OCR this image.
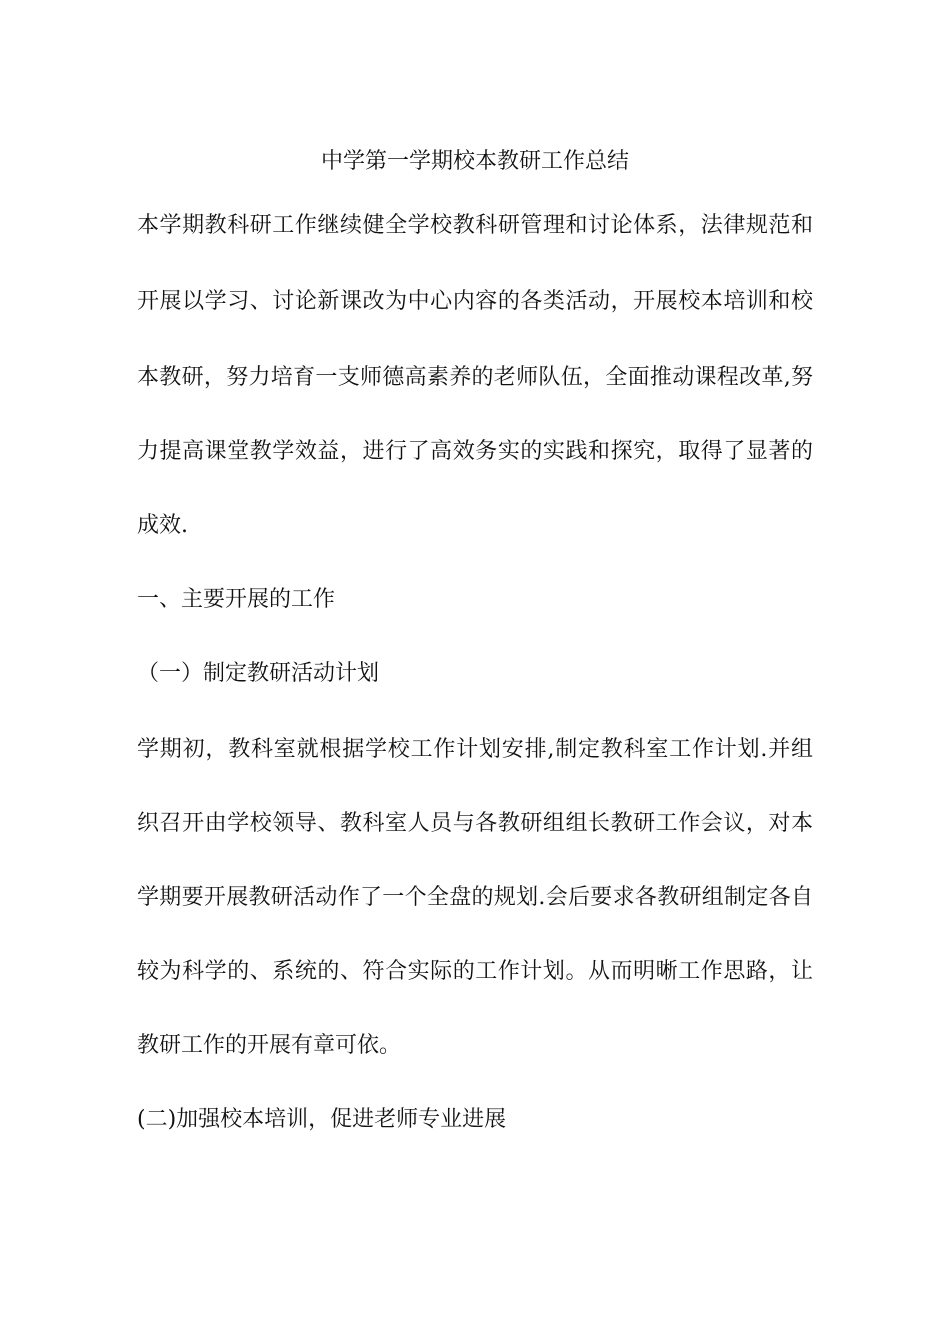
中学第一学期校本教研工作总结
本学期教科研工作继续健全学校教科研管理和讨论体系，法律规范和
开展以学习、讨论新课改为中心内容的各类活动，开展校本培训和校
本教研，努力培育一支师德高素养的老师队伍，全面推动课程改革,努
力提高课堂教学效益，进行了高效务实的实践和探究，取得了显著的
成效.
一、主要开展的工作
（一）制定教研活动计划
学期初，教科室就根据学校工作计划安排,制定教科室工作计划.并组
织召开由学校领导、教科室人员与各教研组组长教研工作会议，对本
学期要开展教研活动作了一个全盘的规划.会后要求各教研组制定各自
较为科学的、系统的、符合实际的工作计划。从而明晰工作思路，让
教研工作的开展有章可依。
(二)加强校本培训，促进老师专业进展
